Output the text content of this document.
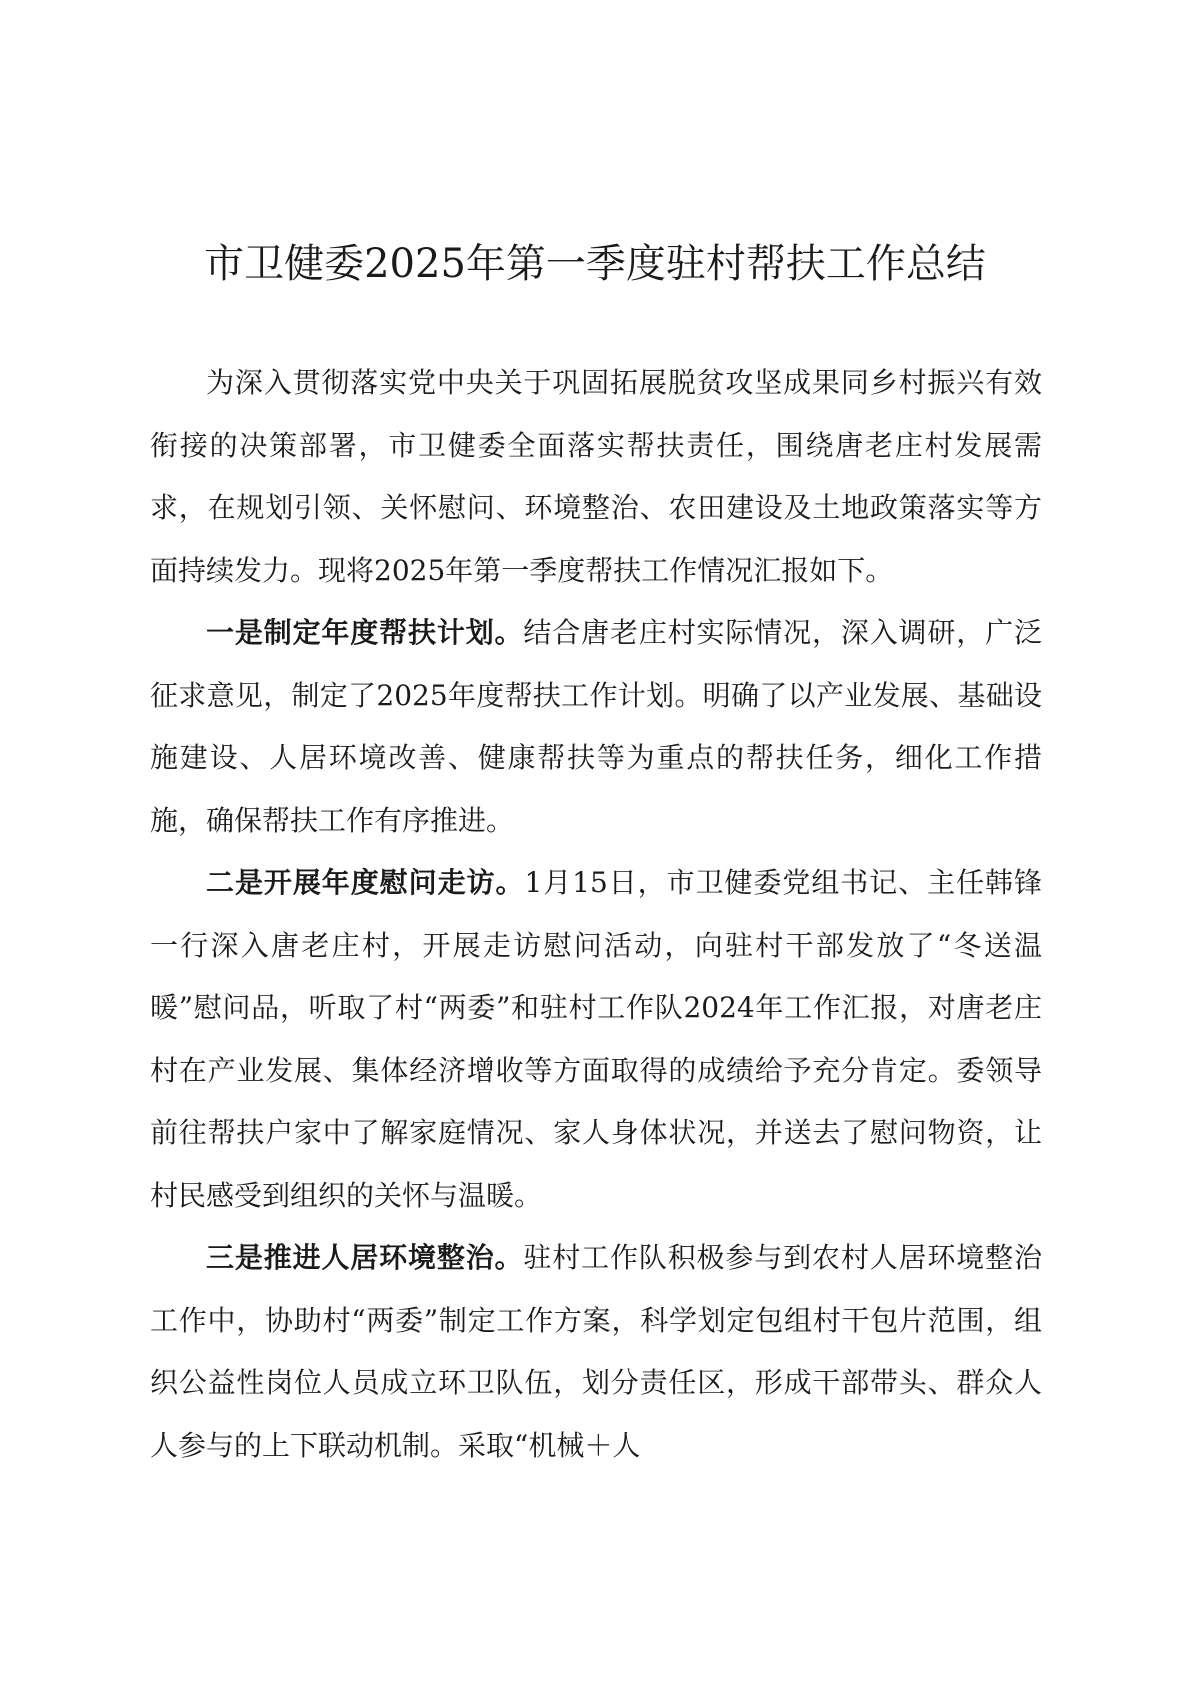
市卫健委2025年第一季度驻村帮扶工作总结

为深入贯彻落实党中央关于巩固拓展脱贫攻坚成果同乡村振兴有效衔接的决策部署，市卫健委全面落实帮扶责任，围绕唐老庄村发展需求，在规划引领、关怀慰问、环境整治、农田建设及土地政策落实等方面持续发力。现将2025年第一季度帮扶工作情况汇报如下。

一是制定年度帮扶计划。结合唐老庄村实际情况，深入调研，广泛征求意见，制定了2025年度帮扶工作计划。明确了以产业发展、基础设施建设、人居环境改善、健康帮扶等为重点的帮扶任务，细化工作措施，确保帮扶工作有序推进。

二是开展年度慰问走访。1月15日，市卫健委党组书记、主任韩锋一行深入唐老庄村，开展走访慰问活动，向驻村干部发放了“冬送温暖”慰问品，听取了村“两委”和驻村工作队2024年工作汇报，对唐老庄村在产业发展、集体经济增收等方面取得的成绩给予充分肯定。委领导前往帮扶户家中了解家庭情况、家人身体状况，并送去了慰问物资，让村民感受到组织的关怀与温暖。

三是推进人居环境整治。驻村工作队积极参与到农村人居环境整治工作中，协助村“两委”制定工作方案，科学划定包组村干包片范围，组织公益性岗位人员成立环卫队伍，划分责任区，形成干部带头、群众人人参与的上下联动机制。采取“机械＋人
